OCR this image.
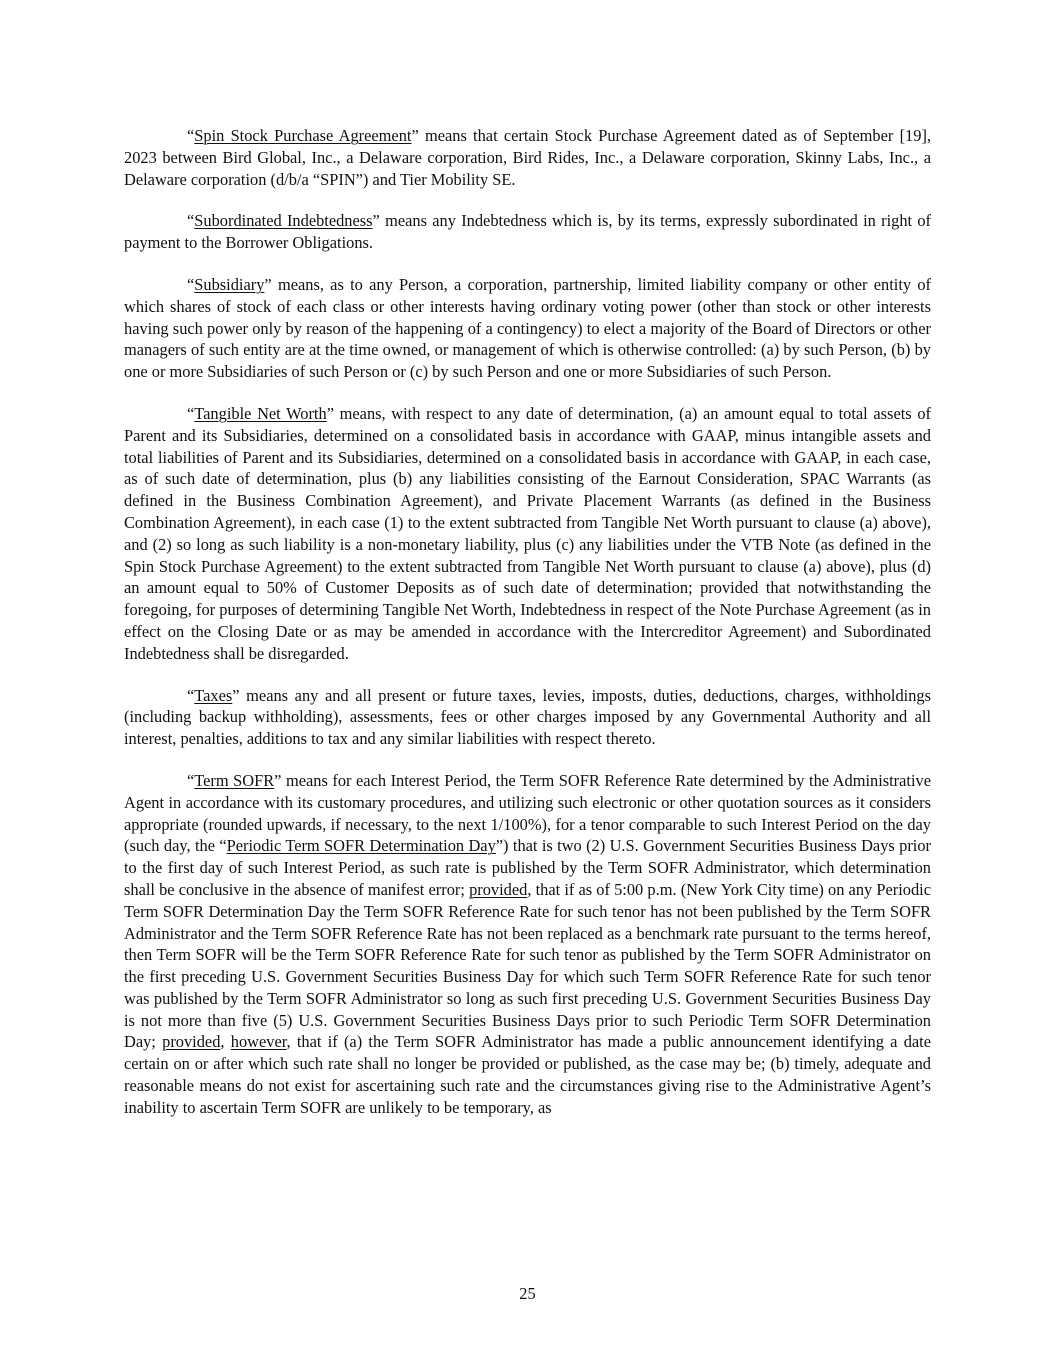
“Spin Stock Purchase Agreement” means that certain Stock Purchase Agreement dated as of September [19], 2023 between Bird Global, Inc., a Delaware corporation, Bird Rides, Inc., a Delaware corporation, Skinny Labs, Inc., a Delaware corporation (d/b/a “SPIN”) and Tier Mobility SE.

“Subordinated Indebtedness” means any Indebtedness which is, by its terms, expressly subordinated in right of payment to the Borrower Obligations.

“Subsidiary” means, as to any Person, a corporation, partnership, limited liability company or other entity of which shares of stock of each class or other interests having ordinary voting power (other than stock or other interests having such power only by reason of the happening of a contingency) to elect a majority of the Board of Directors or other managers of such entity are at the time owned, or management of which is otherwise controlled: (a) by such Person, (b) by one or more Subsidiaries of such Person or (c) by such Person and one or more Subsidiaries of such Person.

“Tangible Net Worth” means, with respect to any date of determination, (a) an amount equal to total assets of Parent and its Subsidiaries, determined on a consolidated basis in accordance with GAAP, minus intangible assets and total liabilities of Parent and its Subsidiaries, determined on a consolidated basis in accordance with GAAP, in each case, as of such date of determination, plus (b) any liabilities consisting of the Earnout Consideration, SPAC Warrants (as defined in the Business Combination Agreement), and Private Placement Warrants (as defined in the Business Combination Agreement), in each case (1) to the extent subtracted from Tangible Net Worth pursuant to clause (a) above), and (2) so long as such liability is a non-monetary liability, plus (c) any liabilities under the VTB Note (as defined in the Spin Stock Purchase Agreement) to the extent subtracted from Tangible Net Worth pursuant to clause (a) above), plus (d) an amount equal to 50% of Customer Deposits as of such date of determination; provided that notwithstanding the foregoing, for purposes of determining Tangible Net Worth, Indebtedness in respect of the Note Purchase Agreement (as in effect on the Closing Date or as may be amended in accordance with the Intercreditor Agreement) and Subordinated Indebtedness shall be disregarded.

“Taxes” means any and all present or future taxes, levies, imposts, duties, deductions, charges, withholdings (including backup withholding), assessments, fees or other charges imposed by any Governmental Authority and all interest, penalties, additions to tax and any similar liabilities with respect thereto.

“Term SOFR” means for each Interest Period, the Term SOFR Reference Rate determined by the Administrative Agent in accordance with its customary procedures, and utilizing such electronic or other quotation sources as it considers appropriate (rounded upwards, if necessary, to the next 1/100%), for a tenor comparable to such Interest Period on the day (such day, the “Periodic Term SOFR Determination Day”) that is two (2) U.S. Government Securities Business Days prior to the first day of such Interest Period, as such rate is published by the Term SOFR Administrator, which determination shall be conclusive in the absence of manifest error; provided, that if as of 5:00 p.m. (New York City time) on any Periodic Term SOFR Determination Day the Term SOFR Reference Rate for such tenor has not been published by the Term SOFR Administrator and the Term SOFR Reference Rate has not been replaced as a benchmark rate pursuant to the terms hereof, then Term SOFR will be the Term SOFR Reference Rate for such tenor as published by the Term SOFR Administrator on the first preceding U.S. Government Securities Business Day for which such Term SOFR Reference Rate for such tenor was published by the Term SOFR Administrator so long as such first preceding U.S. Government Securities Business Day is not more than five (5) U.S. Government Securities Business Days prior to such Periodic Term SOFR Determination Day; provided, however, that if (a) the Term SOFR Administrator has made a public announcement identifying a date certain on or after which such rate shall no longer be provided or published, as the case may be; (b) timely, adequate and reasonable means do not exist for ascertaining such rate and the circumstances giving rise to the Administrative Agent’s inability to ascertain Term SOFR are unlikely to be temporary, as

25
